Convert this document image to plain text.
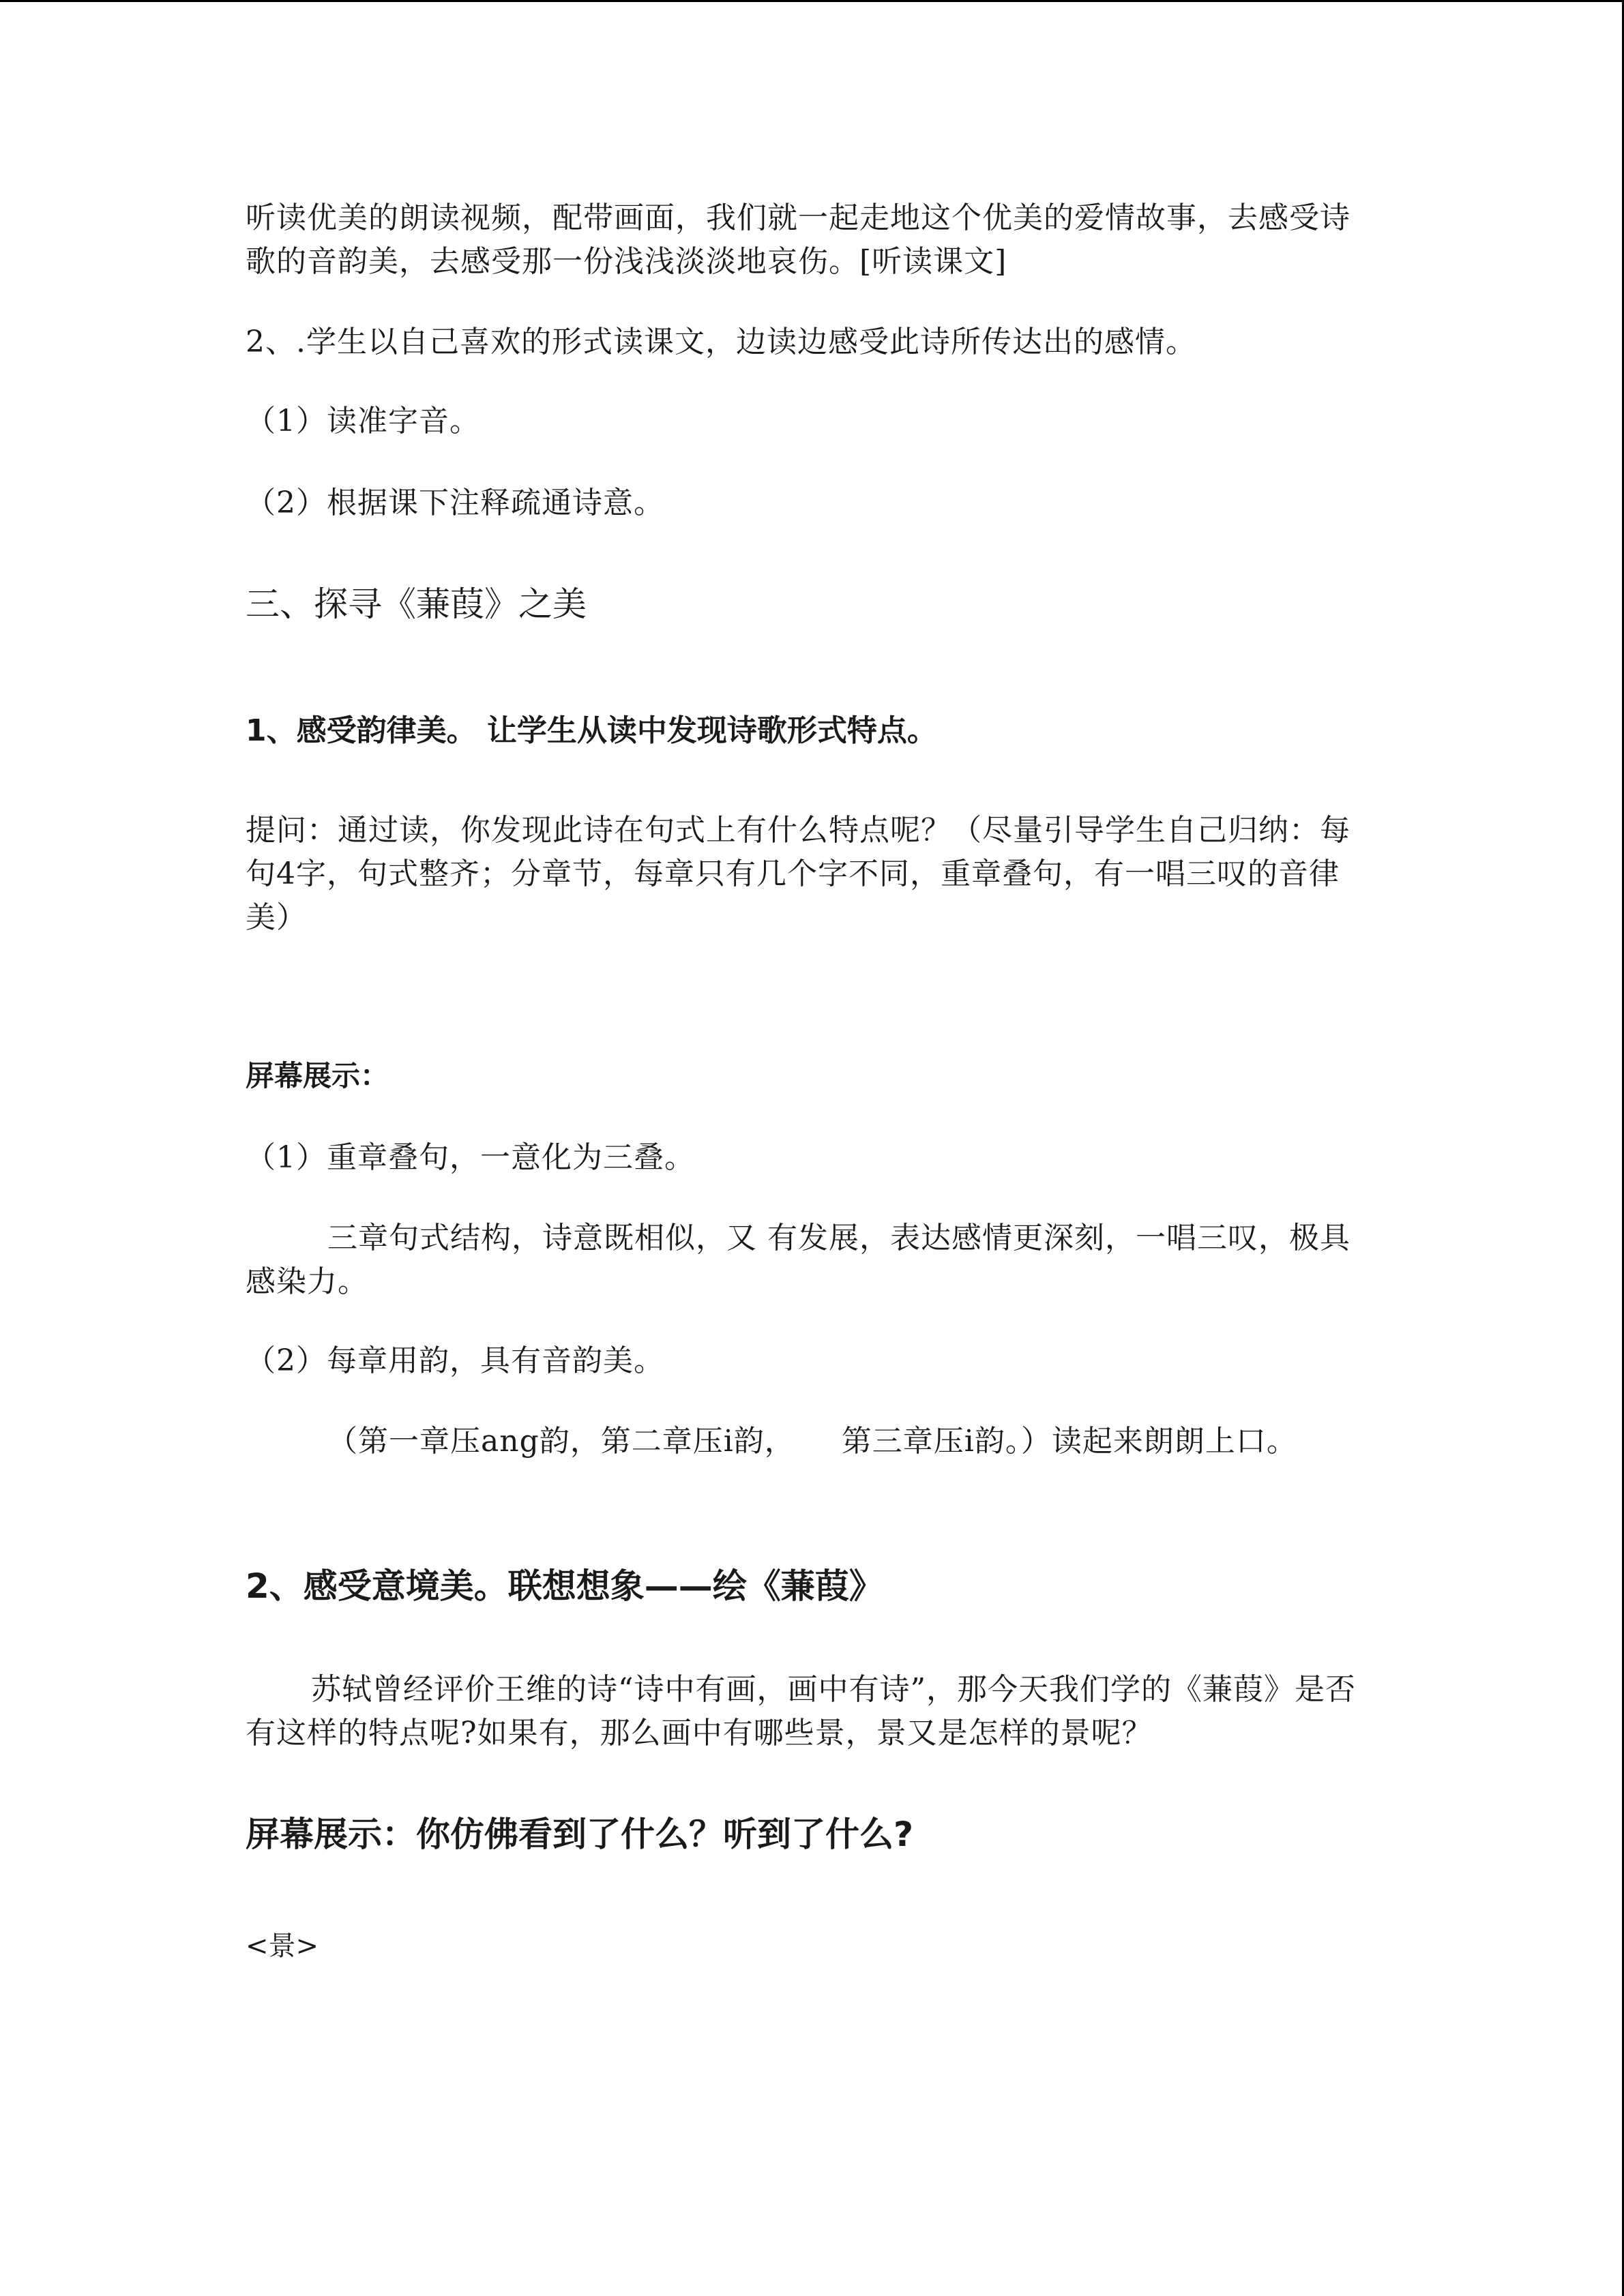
听读优美的朗读视频，配带画面，我们就一起走地这个优美的爱情故事，去感受诗歌的音韵美，去感受那一份浅浅淡淡地哀伤。[听读课文]

2、.学生以自己喜欢的形式读课文，边读边感受此诗所传达出的感情。

（1）读准字音。

（2）根据课下注释疏通诗意。

三、探寻《蒹葭》之美
1、感受韵律美。 让学生从读中发现诗歌形式特点。

提问：通过读，你发现此诗在句式上有什么特点呢？（尽量引导学生自己归纳：每句4字，句式整齐；分章节，每章只有几个字不同，重章叠句，有一唱三叹的音律美）

屏幕展示：

（1）重章叠句，一意化为三叠。

三章句式结构，诗意既相似，又 有发展，表达感情更深刻，一唱三叹，极具感染力。

（2）每章用韵，具有音韵美。

（第一章压ang韵，第二章压i韵，　　第三章压i韵。）读起来朗朗上口。

2、感受意境美。联想想象——绘《蒹葭》

苏轼曾经评价王维的诗“诗中有画，画中有诗”，那今天我们学的《蒹葭》是否有这样的特点呢?如果有，那么画中有哪些景，景又是怎样的景呢？

屏幕展示：你仿佛看到了什么？听到了什么?

<景>
